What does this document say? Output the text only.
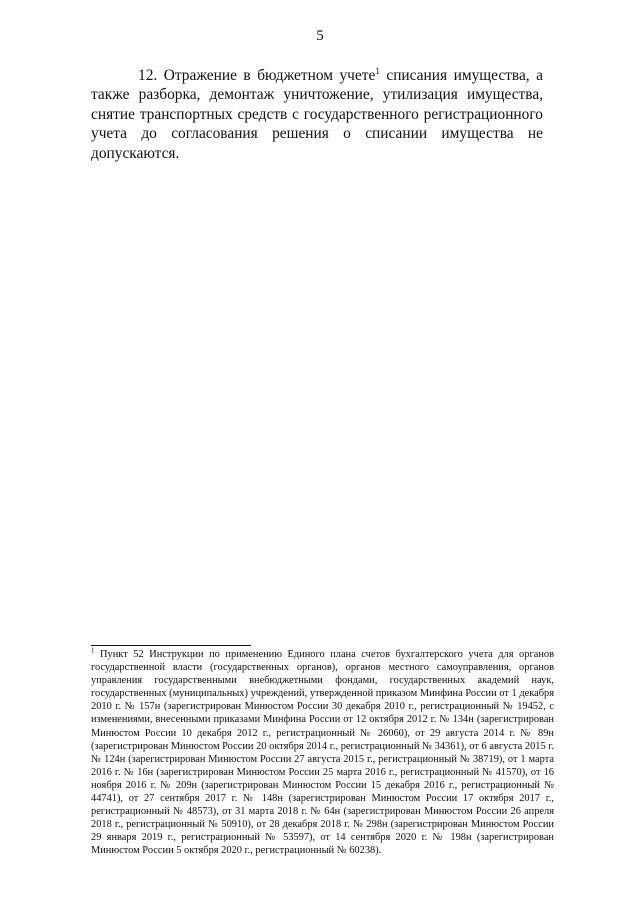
5

12. Отражение в бюджетном учете$^1$ списания имущества, а также разборка, демонтаж уничтожение, утилизация имущества, снятие транспортных средств с государственного регистрационного учета до согласования решения о списании имущества не допускаются.

$^1$ Пункт 52 Инструкции по применению Единого плана счетов бухгалтерского учета для органов государственной власти (государственных органов), органов местного самоуправления, органов управления государственными внебюджетными фондами, государственных академий наук, государственных (муниципальных) учреждений, утвержденной приказом Минфина России от 1 декабря 2010 г. № 157н (зарегистрирован Минюстом России 30 декабря 2010 г., регистрационный № 19452, с изменениями, внесенными приказами Минфина России от 12 октября 2012 г. № 134н (зарегистрирован Минюстом России 10 декабря 2012 г., регистрационный № 26060), от 29 августа 2014 г. № 89н (зарегистрирован Минюстом России 20 октября 2014 г., регистрационный № 34361), от 6 августа 2015 г. № 124н (зарегистрирован Минюстом России 27 августа 2015 г., регистрационный № 38719), от 1 марта 2016 г. № 16н (зарегистрирован Минюстом России 25 марта 2016 г., регистрационный № 41570), от 16 ноября 2016 г. № 209н (зарегистрирован Минюстом России 15 декабря 2016 г., регистрационный № 44741), от 27 сентября 2017 г. № 148н (зарегистрирован Минюстом России 17 октября 2017 г., регистрационный № 48573), от 31 марта 2018 г. № 64н (зарегистрирован Минюстом России 26 апреля 2018 г., регистрационный № 50910), от 28 декабря 2018 г. № 298н (зарегистрирован Минюстом России 29 января 2019 г., регистрационный № 53597), от 14 сентября 2020 г. № 198н (зарегистрирован Минюстом России 5 октября 2020 г., регистрационный № 60238).
